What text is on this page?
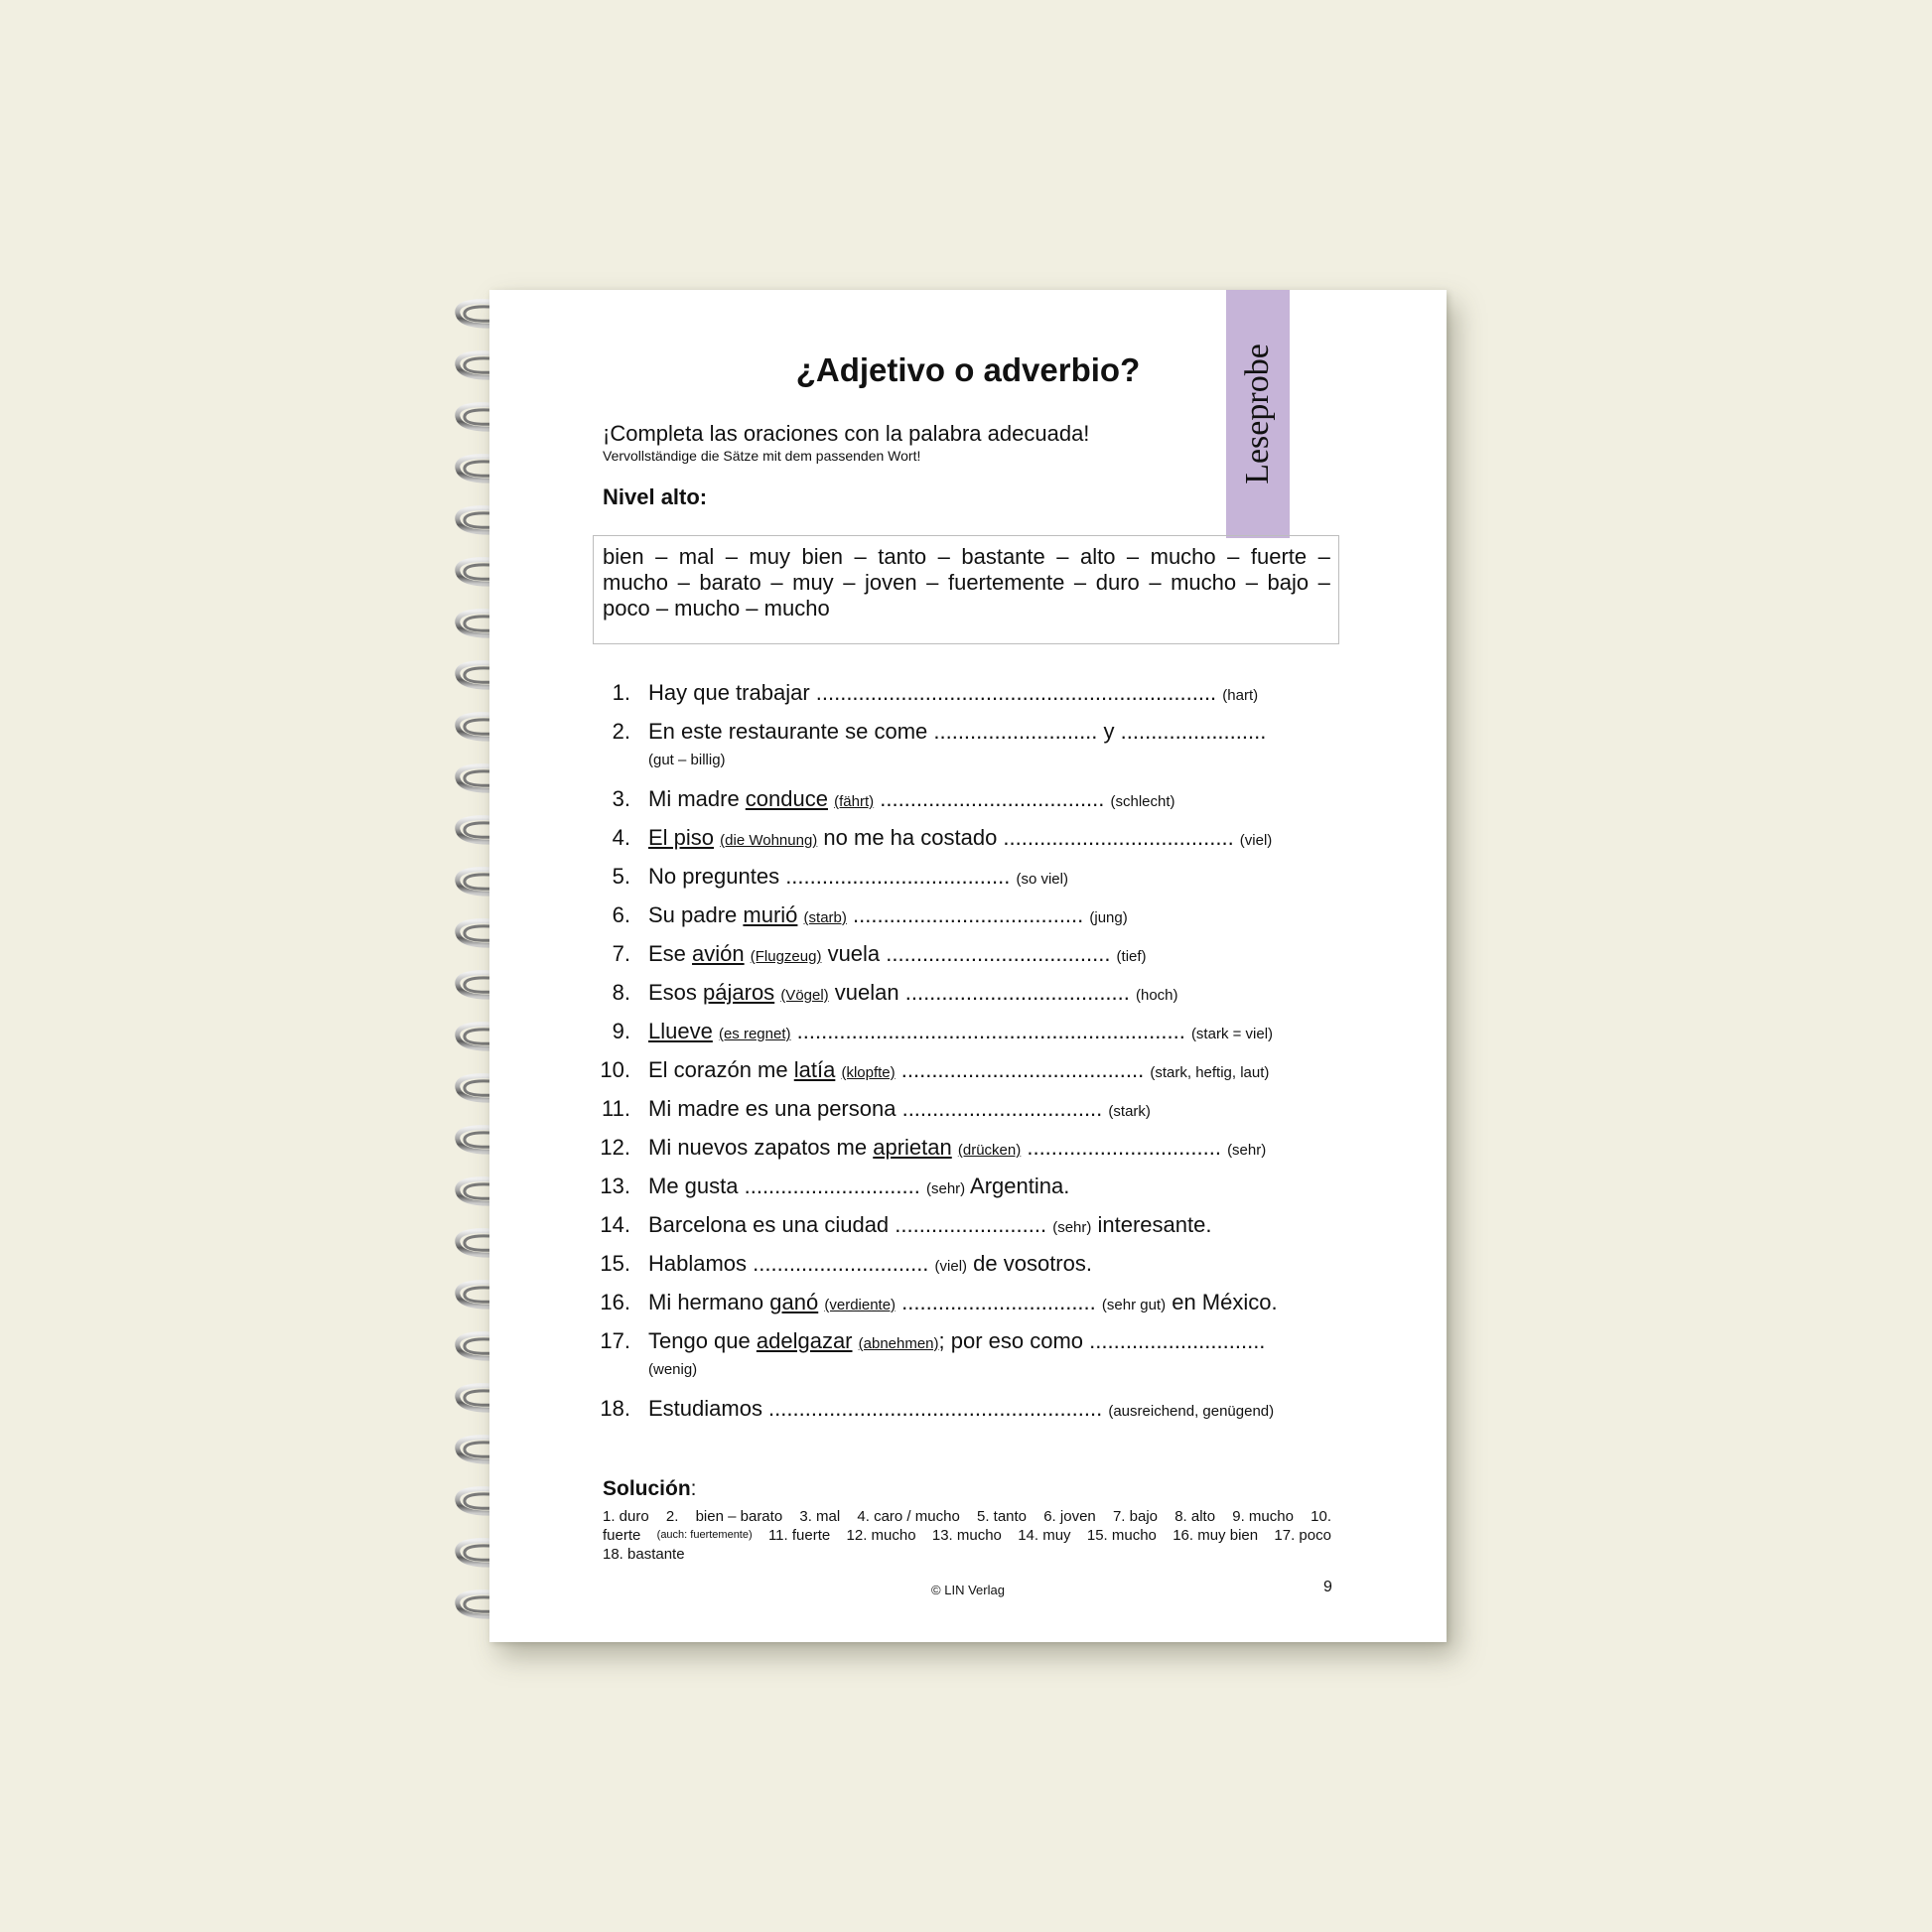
Leseprobe
¿Adjetivo o adverbio?
¡Completa las oraciones con la palabra adecuada!
Vervollständige die Sätze mit dem passenden Wort!
Nivel alto:
bien – mal – muy bien – tanto – bastante – alto – mucho – fuerte –
mucho – barato – muy – joven – fuertemente – duro – mucho – bajo –
poco – mucho – mucho
1. Hay que trabajar .................................................................. (hart)
2. En este restaurante se come ........................... y ........................
(gut – billig)
3. Mi madre conduce (fährt) ..................................... (schlecht)
4. El piso (die Wohnung) no me ha costado ...................................... (viel)
5. No preguntes ..................................... (so viel)
6. Su padre murió (starb) ...................................... (jung)
7. Ese avión (Flugzeug) vuela ..................................... (tief)
8. Esos pájaros (Vögel) vuelan ..................................... (hoch)
9. Llueve (es regnet) ................................................................ (stark = viel)
10. El corazón me latía (klopfte) ........................................ (stark, heftig, laut)
11. Mi madre es una persona ................................. (stark)
12. Mi nuevos zapatos me aprietan (drücken) ................................ (sehr)
13. Me gusta ............................. (sehr) Argentina.
14. Barcelona es una ciudad ......................... (sehr) interesante.
15. Hablamos ............................. (viel) de vosotros.
16. Mi hermano ganó (verdiente) ................................ (sehr gut) en México.
17. Tengo que adelgazar (abnehmen); por eso como .............................
(wenig)
18. Estudiamos ....................................................... (ausreichend, genügend)
Solución:
1. duro 2. bien – barato 3. mal 4. caro / mucho 5. tanto 6. joven 7. bajo 8. alto 9. mucho 10.
fuerte (auch: fuertemente) 11. fuerte 12. mucho 13. mucho 14. muy 15. mucho 16. muy bien 17. poco
18. bastante
© LIN Verlag	9
